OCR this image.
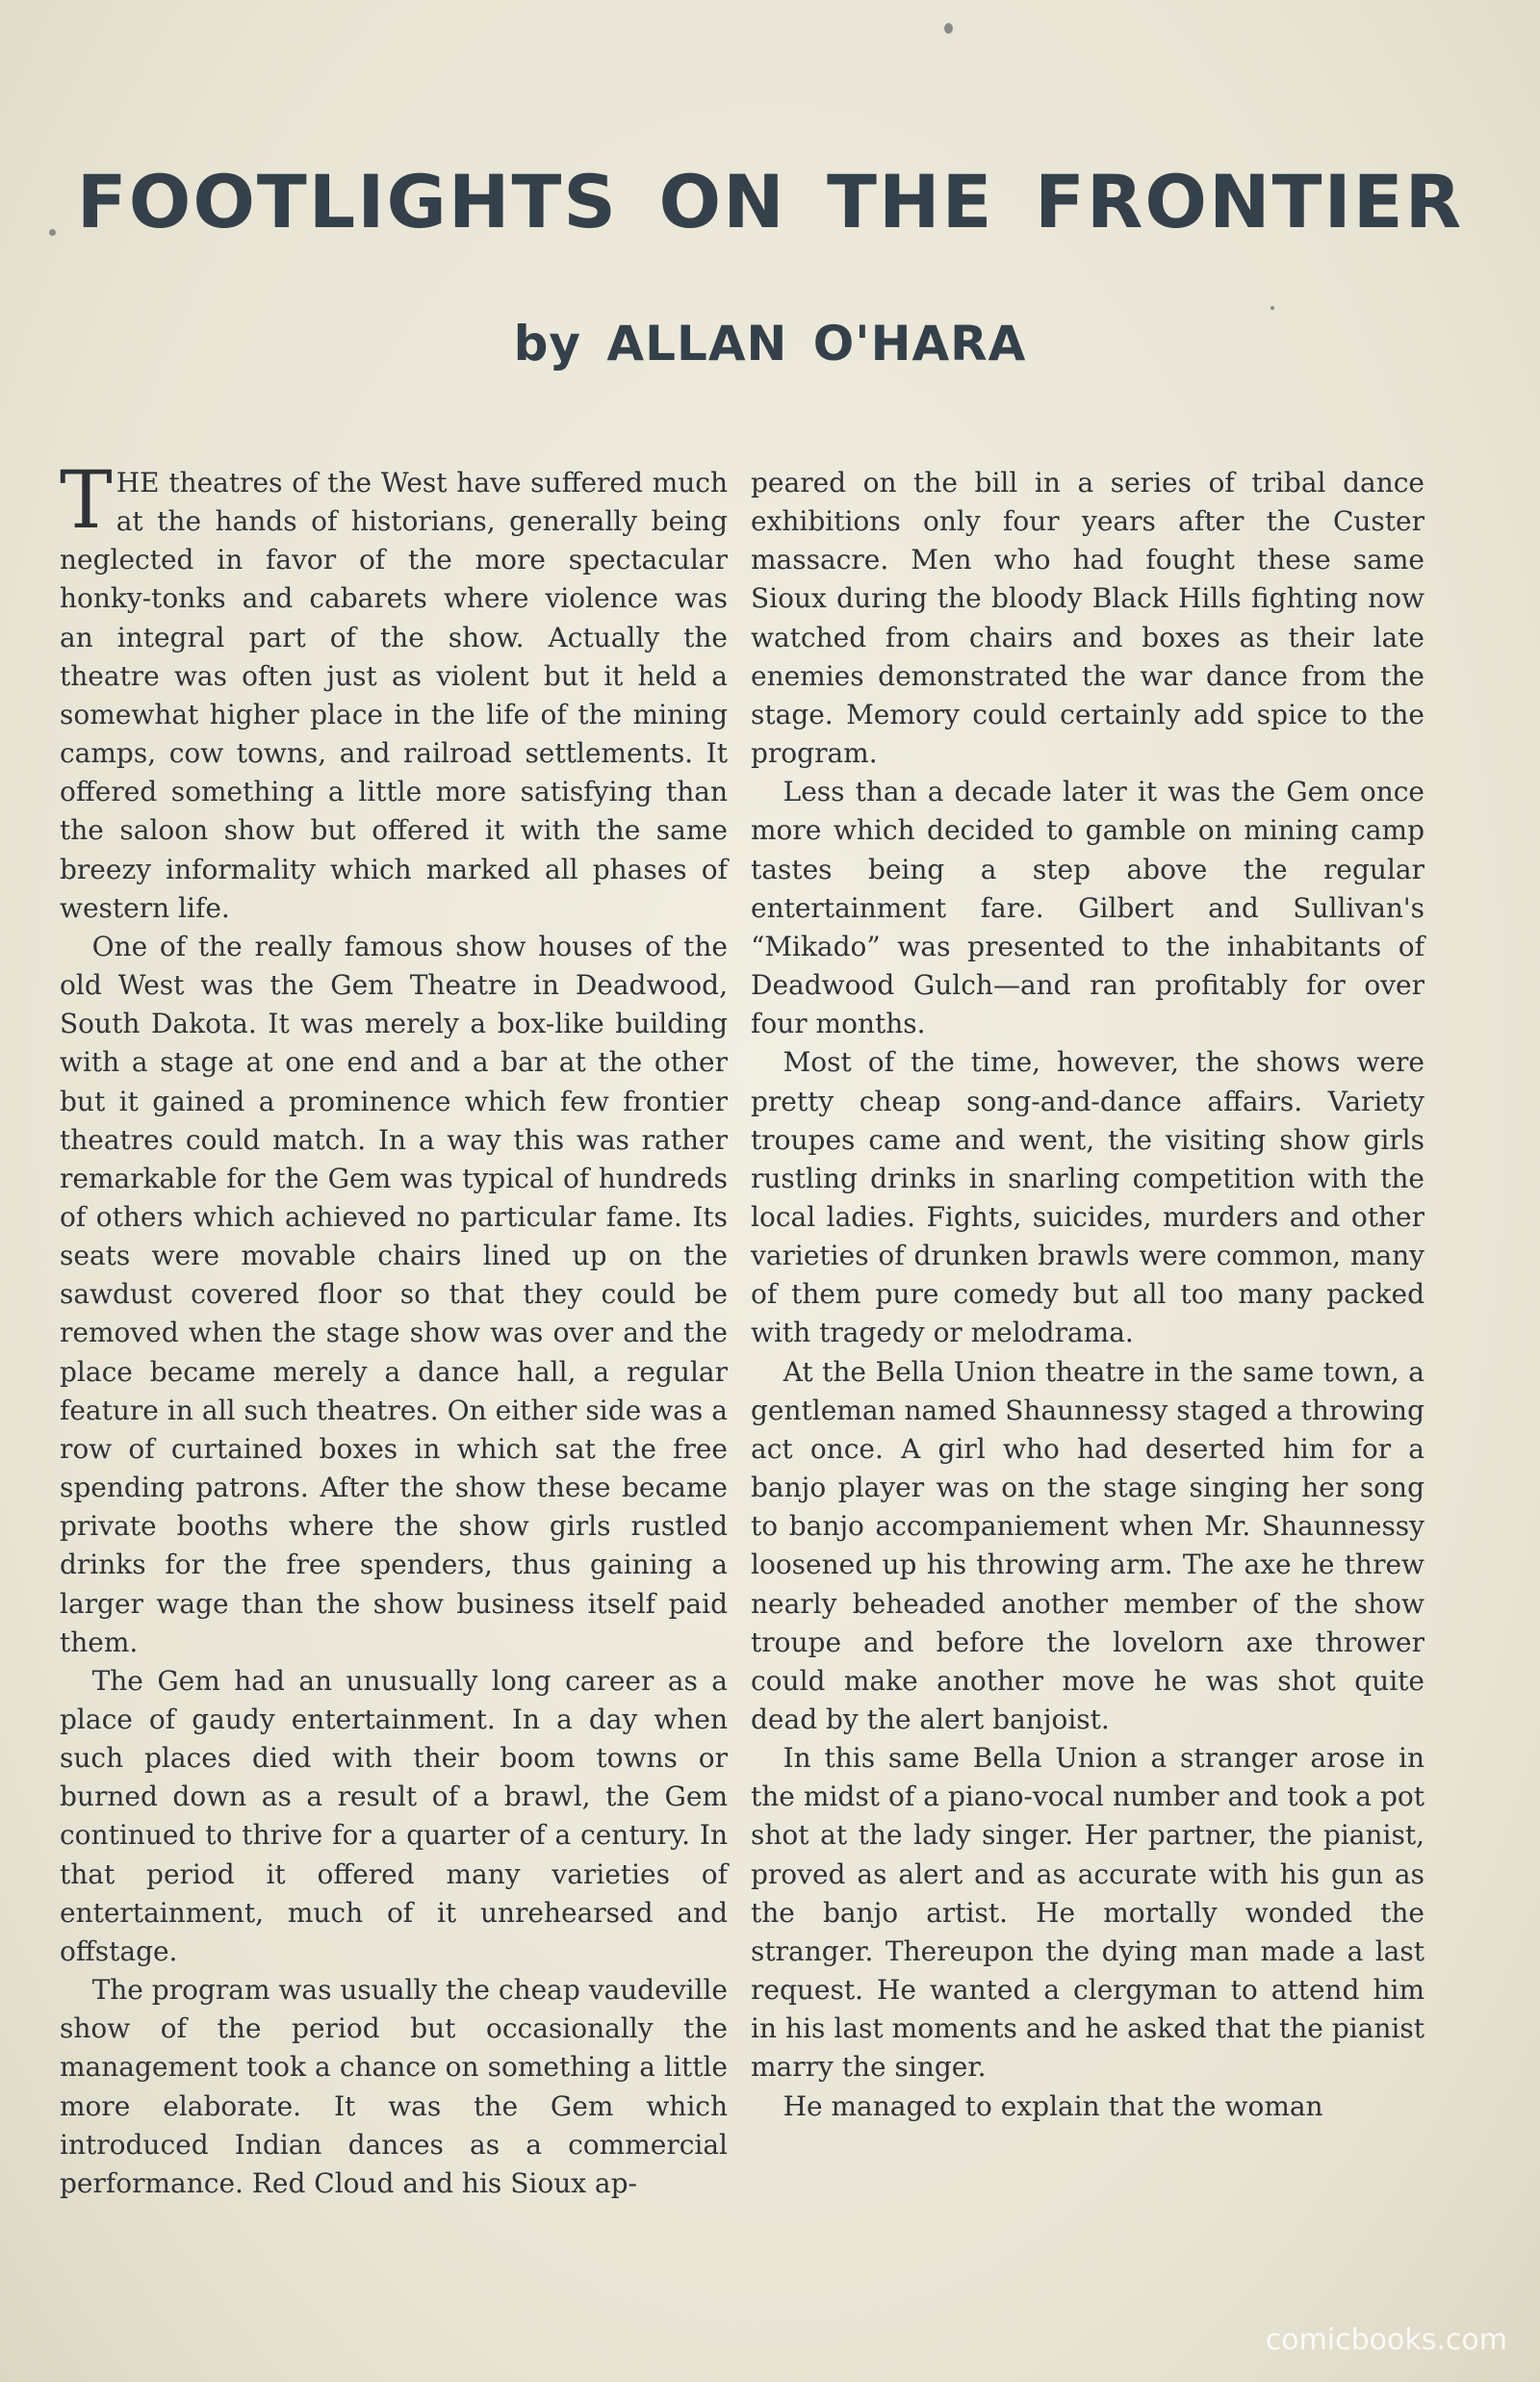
FOOTLIGHTS ON THE FRONTIER
by ALLAN O'HARA

THE theatres of the West have suffered much at the hands of historians, generally being neglected in favor of the more spectacular honky-tonks and cabarets where violence was an integral part of the show. Actually the theatre was often just as violent but it held a somewhat higher place in the life of the mining camps, cow towns, and railroad settlements. It offered something a little more satisfying than the saloon show but offered it with the same breezy informality which marked all phases of western life.

One of the really famous show houses of the old West was the Gem Theatre in Deadwood, South Dakota. It was merely a box-like building with a stage at one end and a bar at the other but it gained a prominence which few frontier theatres could match. In a way this was rather remarkable for the Gem was typical of hundreds of others which achieved no particular fame. Its seats were movable chairs lined up on the sawdust covered floor so that they could be removed when the stage show was over and the place became merely a dance hall, a regular feature in all such theatres. On either side was a row of curtained boxes in which sat the free spending patrons. After the show these became private booths where the show girls rustled drinks for the free spenders, thus gaining a larger wage than the show business itself paid them.

The Gem had an unusually long career as a place of gaudy entertainment. In a day when such places died with their boom towns or burned down as a result of a brawl, the Gem continued to thrive for a quarter of a century. In that period it offered many varieties of entertainment, much of it unrehearsed and offstage.

The program was usually the cheap vaudeville show of the period but occasionally the management took a chance on something a little more elaborate. It was the Gem which introduced Indian dances as a commercial performance. Red Cloud and his Sioux ap-

peared on the bill in a series of tribal dance exhibitions only four years after the Custer massacre. Men who had fought these same Sioux during the bloody Black Hills fighting now watched from chairs and boxes as their late enemies demonstrated the war dance from the stage. Memory could certainly add spice to the program.

Less than a decade later it was the Gem once more which decided to gamble on mining camp tastes being a step above the regular entertainment fare. Gilbert and Sullivan's “Mikado” was presented to the inhabitants of Deadwood Gulch—and ran profitably for over four months.

Most of the time, however, the shows were pretty cheap song-and-dance affairs. Variety troupes came and went, the visiting show girls rustling drinks in snarling competition with the local ladies. Fights, suicides, murders and other varieties of drunken brawls were common, many of them pure comedy but all too many packed with tragedy or melodrama.

At the Bella Union theatre in the same town, a gentleman named Shaunnessy staged a throwing act once. A girl who had deserted him for a banjo player was on the stage singing her song to banjo accompaniement when Mr. Shaunnessy loosened up his throwing arm. The axe he threw nearly beheaded another member of the show troupe and before the lovelorn axe thrower could make another move he was shot quite dead by the alert banjoist.

In this same Bella Union a stranger arose in the midst of a piano-vocal number and took a pot shot at the lady singer. Her partner, the pianist, proved as alert and as accurate with his gun as the banjo artist. He mortally wonded the stranger. Thereupon the dying man made a last request. He wanted a clergyman to attend him in his last moments and he asked that the pianist marry the singer.

He managed to explain that the woman

comicbooks.com
